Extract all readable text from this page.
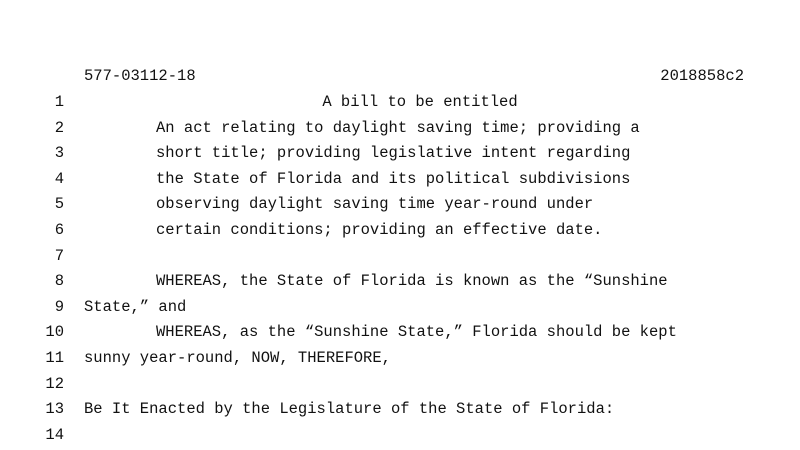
577-03112-18	2018858c2
1	A bill to be entitled
2	An act relating to daylight saving time; providing a
3	short title; providing legislative intent regarding
4	the State of Florida and its political subdivisions
5	observing daylight saving time year-round under
6	certain conditions; providing an effective date.
7
8	WHEREAS, the State of Florida is known as the “Sunshine
9 State,” and
10	WHEREAS, as the “Sunshine State,” Florida should be kept
11 sunny year-round, NOW, THEREFORE,
12
13 Be It Enacted by the Legislature of the State of Florida:
14
